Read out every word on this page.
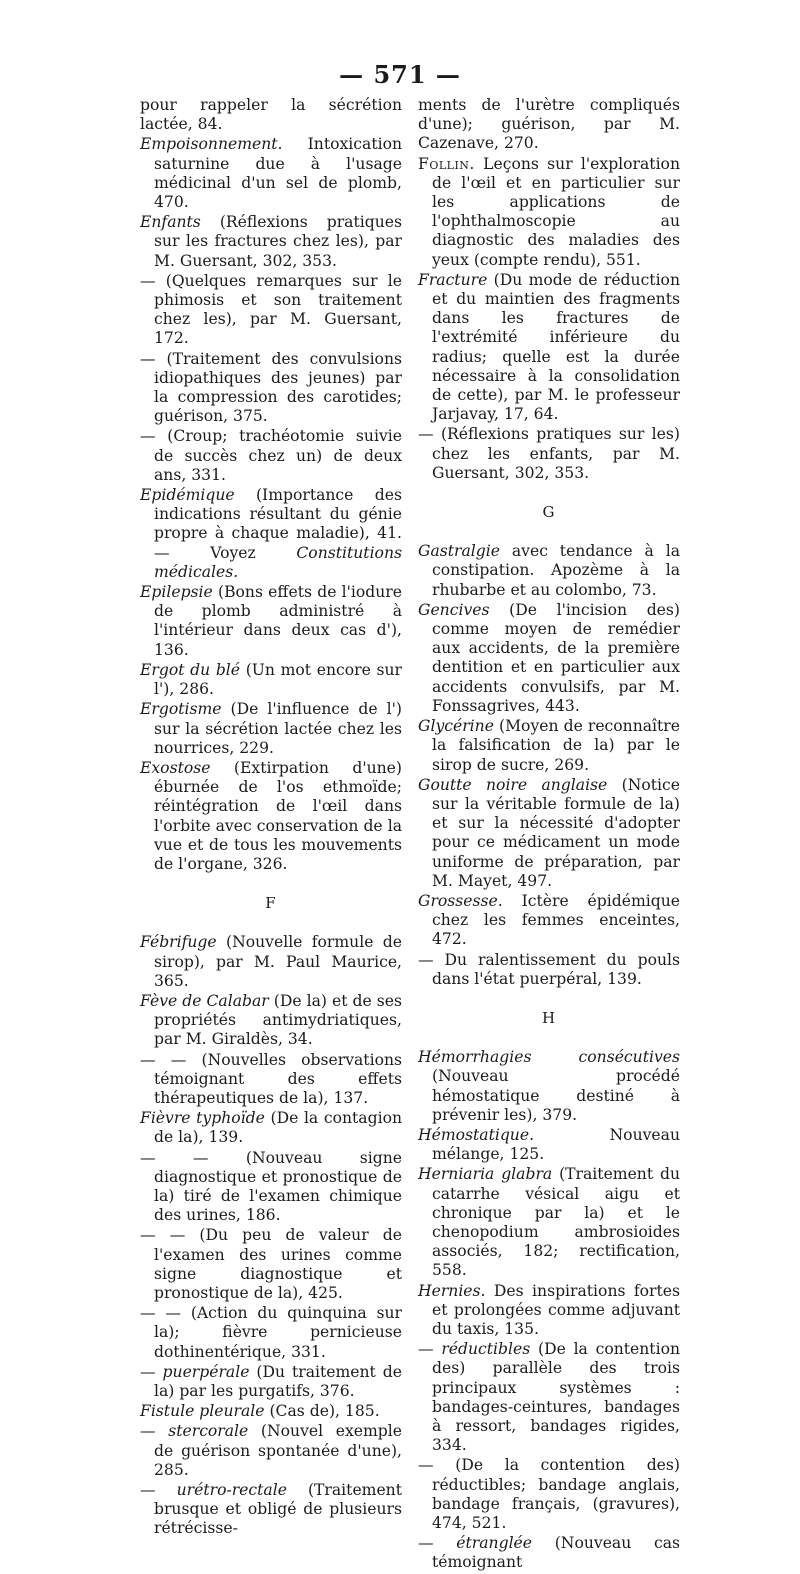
— 571 —
pour rappeler la sécrétion lactée, 84.
Empoisonnement. Intoxication saturnine due à l'usage médicinal d'un sel de plomb, 470.
Enfants (Réflexions pratiques sur les fractures chez les), par M. Guersant, 302, 353.
— (Quelques remarques sur le phimosis et son traitement chez les), par M. Guersant, 172.
— (Traitement des convulsions idiopathiques des jeunes) par la compression des carotides; guérison, 375.
— (Croup; trachéotomie suivie de succès chez un) de deux ans, 331.
Epidémique (Importance des indications résultant du génie propre à chaque maladie), 41. — Voyez Constitutions médicales.
Epilepsie (Bons effets de l'iodure de plomb administré à l'intérieur dans deux cas d'), 136.
Ergot du blé (Un mot encore sur l'), 286.
Ergotisme (De l'influence de l') sur la sécrétion lactée chez les nourrices, 229.
Exostose (Extirpation d'une) éburnée de l'os ethmoïde; réintégration de l'œil dans l'orbite avec conservation de la vue et de tous les mouvements de l'organe, 326.
F
Fébrifuge (Nouvelle formule de sirop), par M. Paul Maurice, 365.
Fève de Calabar (De la) et de ses propriétés antimydriatiques, par M. Giraldès, 34.
— — (Nouvelles observations témoignant des effets thérapeutiques de la), 137.
Fièvre typhoïde (De la contagion de la), 139.
— — (Nouveau signe diagnostique et pronostique de la) tiré de l'examen chimique des urines, 186.
— — (Du peu de valeur de l'examen des urines comme signe diagnostique et pronostique de la), 425.
— — (Action du quinquina sur la); fièvre pernicieuse dothinentérique, 331.
— puerpérale (Du traitement de la) par les purgatifs, 376.
Fistule pleurale (Cas de), 185.
— stercorale (Nouvel exemple de guérison spontanée d'une), 285.
— urétro-rectale (Traitement brusque et obligé de plusieurs rétrécisse-
ments de l'urètre compliqués d'une); guérison, par M. Cazenave, 270.
Follin. Leçons sur l'exploration de l'œil et en particulier sur les applications de l'ophthalmoscopie au diagnostic des maladies des yeux (compte rendu), 551.
Fracture (Du mode de réduction et du maintien des fragments dans les fractures de l'extrémité inférieure du radius; quelle est la durée nécessaire à la consolidation de cette), par M. le professeur Jarjavay, 17, 64.
— (Réflexions pratiques sur les) chez les enfants, par M. Guersant, 302, 353.
G
Gastralgie avec tendance à la constipation. Apozème à la rhubarbe et au colombo, 73.
Gencives (De l'incision des) comme moyen de remédier aux accidents, de la première dentition et en particulier aux accidents convulsifs, par M. Fonssagrives, 443.
Glycérine (Moyen de reconnaître la falsification de la) par le sirop de sucre, 269.
Goutte noire anglaise (Notice sur la véritable formule de la) et sur la nécessité d'adopter pour ce médicament un mode uniforme de préparation, par M. Mayet, 497.
Grossesse. Ictère épidémique chez les femmes enceintes, 472.
— Du ralentissement du pouls dans l'état puerpéral, 139.
H
Hémorrhagies consécutives (Nouveau procédé hémostatique destiné à prévenir les), 379.
Hémostatique. Nouveau mélange, 125.
Herniaria glabra (Traitement du catarrhe vésical aigu et chronique par la) et le chenopodium ambrosioides associés, 182; rectification, 558.
Hernies. Des inspirations fortes et prolongées comme adjuvant du taxis, 135.
— réductibles (De la contention des) parallèle des trois principaux systèmes : bandages-ceintures, bandages à ressort, bandages rigides, 334.
— (De la contention des) réductibles; bandage anglais, bandage français, (gravures), 474, 521.
— étranglée (Nouveau cas témoignant
